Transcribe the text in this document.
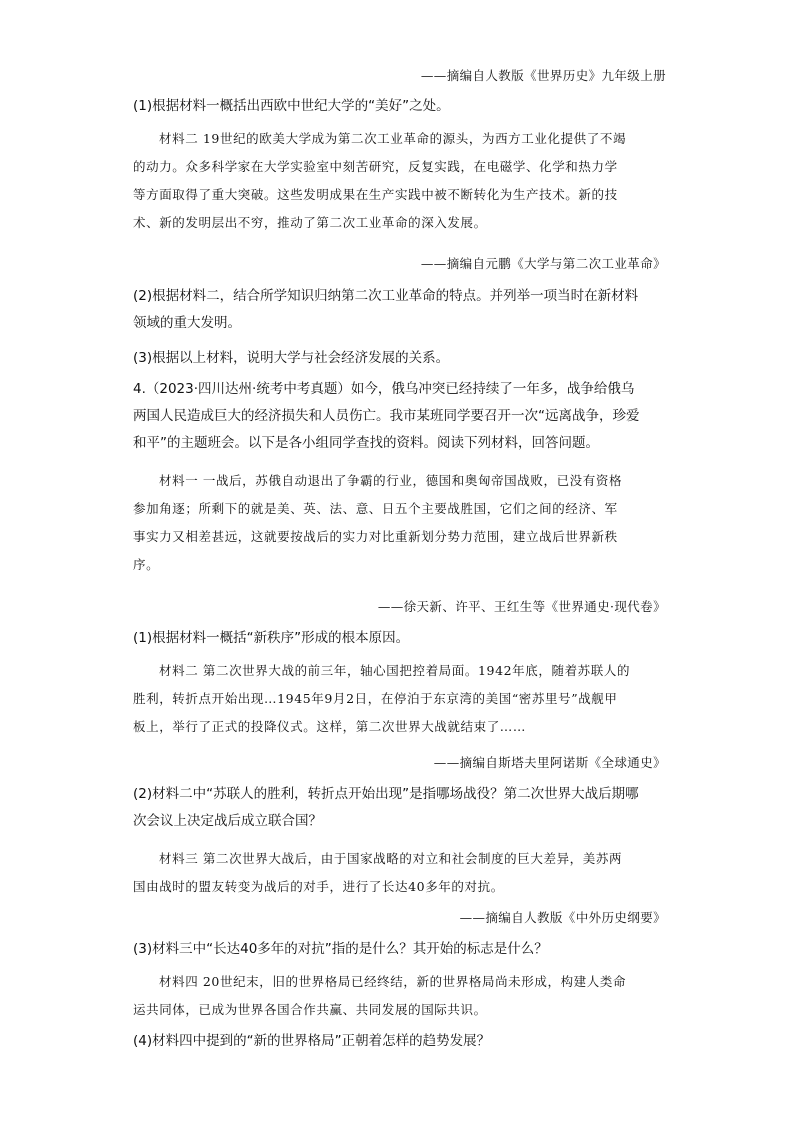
——摘编自人教版《世界历史》九年级上册
(1)根据材料一概括出西欧中世纪大学的“美好”之处。
材料二 19世纪的欧美大学成为第二次工业革命的源头，为西方工业化提供了不竭
的动力。众多科学家在大学实验室中刻苦研究，反复实践，在电磁学、化学和热力学
等方面取得了重大突破。这些发明成果在生产实践中被不断转化为生产技术。新的技
术、新的发明层出不穷，推动了第二次工业革命的深入发展。
——摘编自元鹏《大学与第二次工业革命》
(2)根据材料二，结合所学知识归纳第二次工业革命的特点。并列举一项当时在新材料
领域的重大发明。
(3)根据以上材料，说明大学与社会经济发展的关系。
4.（2023·四川达州·统考中考真题）如今，俄乌冲突已经持续了一年多，战争给俄乌
两国人民造成巨大的经济损失和人员伤亡。我市某班同学要召开一次“远离战争，珍爱
和平”的主题班会。以下是各小组同学查找的资料。阅读下列材料，回答问题。
材料一 一战后，苏俄自动退出了争霸的行业，德国和奥匈帝国战败，已没有资格
参加角逐；所剩下的就是美、英、法、意、日五个主要战胜国，它们之间的经济、军
事实力又相差甚远，这就要按战后的实力对比重新划分势力范围，建立战后世界新秩
序。
——徐天新、许平、王红生等《世界通史·现代卷》
(1)根据材料一概括“新秩序”形成的根本原因。
材料二 第二次世界大战的前三年，轴心国把控着局面。1942年底，随着苏联人的
胜利，转折点开始出现…1945年9月2日，在停泊于东京湾的美国“密苏里号”战舰甲
板上，举行了正式的投降仪式。这样，第二次世界大战就结束了……
——摘编自斯塔夫里阿诺斯《全球通史》
(2)材料二中“苏联人的胜利，转折点开始出现”是指哪场战役？第二次世界大战后期哪
次会议上决定战后成立联合国？
材料三 第二次世界大战后，由于国家战略的对立和社会制度的巨大差异，美苏两
国由战时的盟友转变为战后的对手，进行了长达40多年的对抗。
——摘编自人教版《中外历史纲要》
(3)材料三中“长达40多年的对抗”指的是什么？其开始的标志是什么？
材料四 20世纪末，旧的世界格局已经终结，新的世界格局尚未形成，构建人类命
运共同体，已成为世界各国合作共赢、共同发展的国际共识。
(4)材料四中提到的“新的世界格局”正朝着怎样的趋势发展？
